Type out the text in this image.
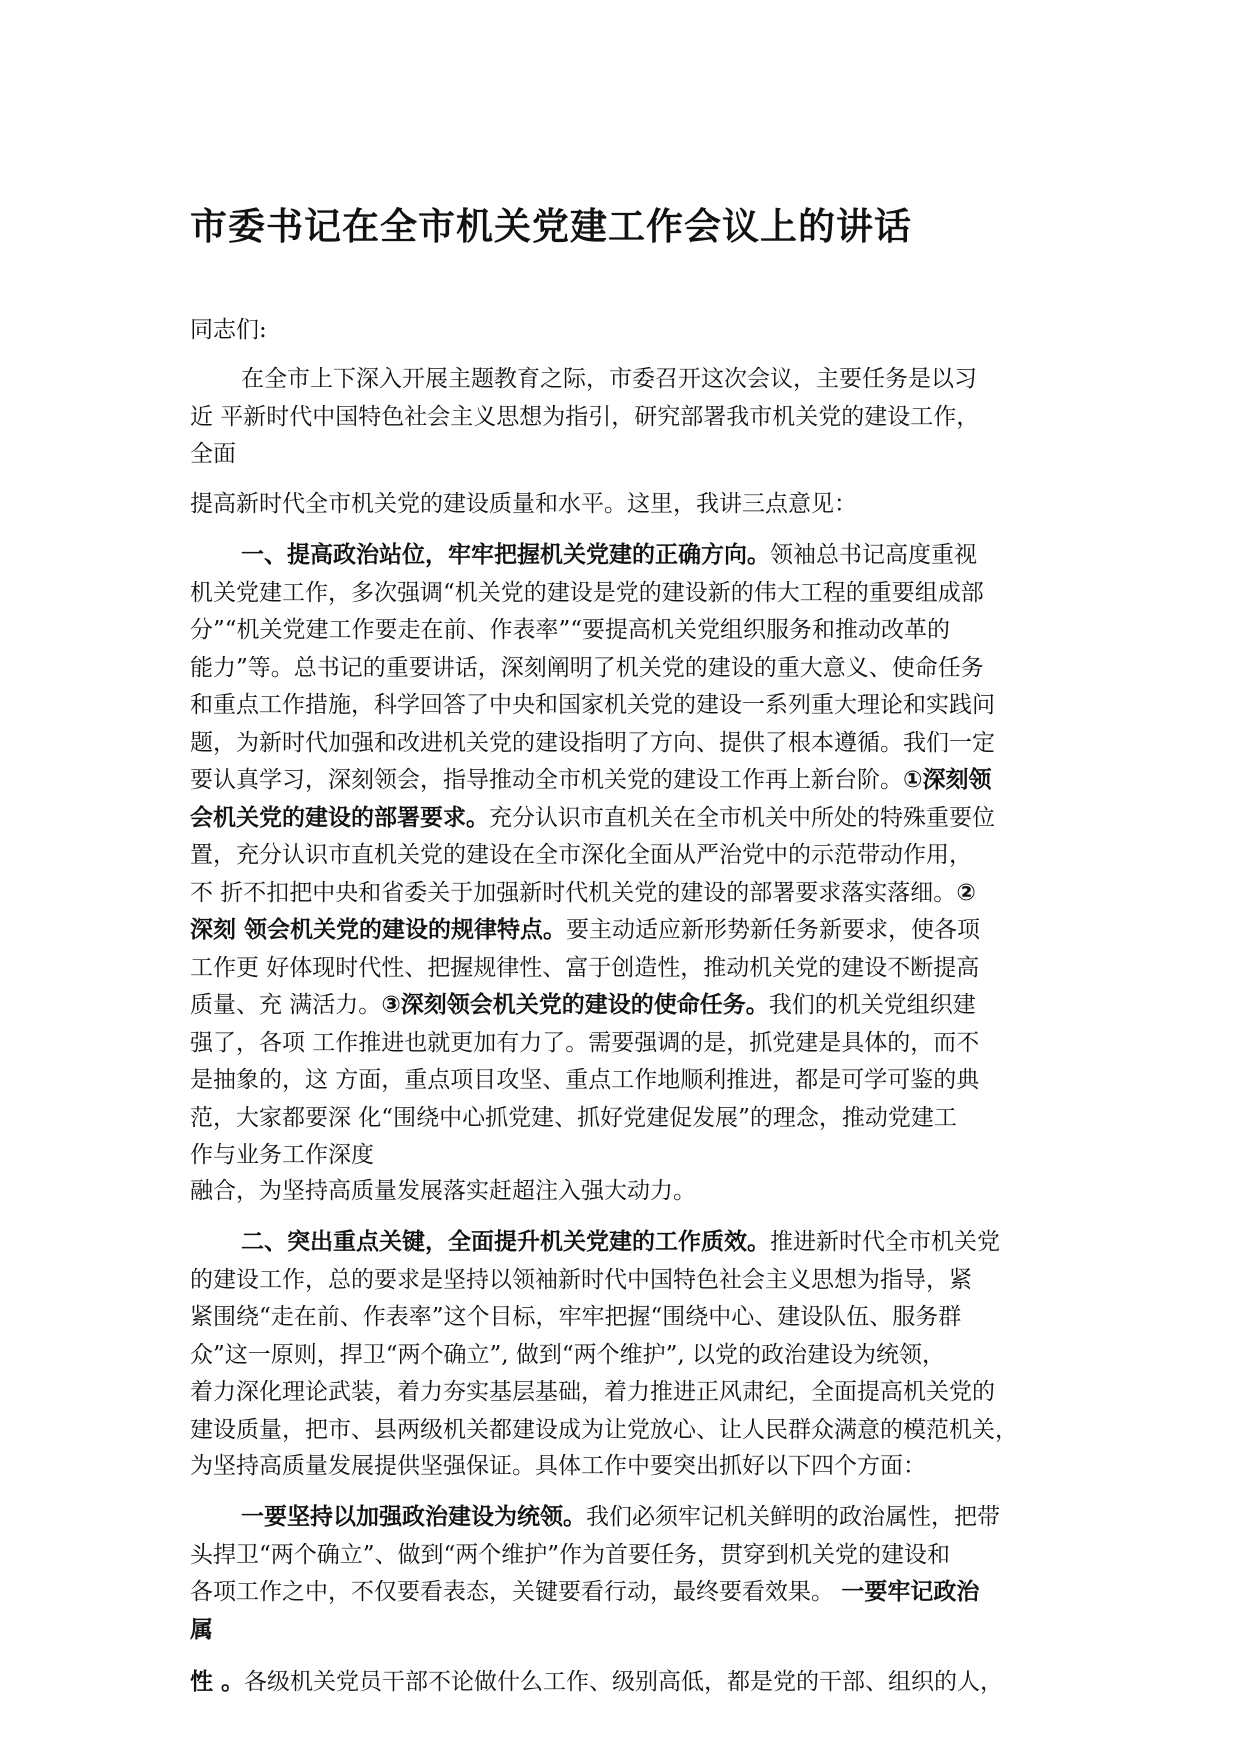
市委书记在全市机关党建工作会议上的讲话

同志们:

在全市上下深入开展主题教育之际，市委召开这次会议，主要任务是以习
近 平新时代中国特色社会主义思想为指引，研究部署我市机关党的建设工作，
全面

提高新时代全市机关党的建设质量和水平。这里，我讲三点意见：

一、提高政治站位，牢牢把握机关党建的正确方向。领袖总书记高度重视
机关党建工作，多次强调“机关党的建设是党的建设新的伟大工程的重要组成部
分”“机关党建工作要走在前、作表率”“要提高机关党组织服务和推动改革的
能力”等。总书记的重要讲话，深刻阐明了机关党的建设的重大意义、使命任务
和重点工作措施，科学回答了中央和国家机关党的建设一系列重大理论和实践问
题，为新时代加强和改进机关党的建设指明了方向、提供了根本遵循。我们一定
要认真学习，深刻领会，指导推动全市机关党的建设工作再上新台阶。①深刻领
会机关党的建设的部署要求。充分认识市直机关在全市机关中所处的特殊重要位
置，充分认识市直机关党的建设在全市深化全面从严治党中的示范带动作用，
不 折不扣把中央和省委关于加强新时代机关党的建设的部署要求落实落细。②
深刻 领会机关党的建设的规律特点。要主动适应新形势新任务新要求，使各项
工作更 好体现时代性、把握规律性、富于创造性，推动机关党的建设不断提高
质量、充 满活力。③深刻领会机关党的建设的使命任务。我们的机关党组织建
强了，各项 工作推进也就更加有力了。需要强调的是，抓党建是具体的，而不
是抽象的，这 方面，重点项目攻坚、重点工作地顺利推进，都是可学可鉴的典
范，大家都要深 化“围绕中心抓党建、抓好党建促发展”的理念，推动党建工
作与业务工作深度

融合，为坚持高质量发展落实赶超注入强大动力。

二、突出重点关键，全面提升机关党建的工作质效。推进新时代全市机关党
的建设工作，总的要求是坚持以领袖新时代中国特色社会主义思想为指导，紧
紧围绕“走在前、作表率”这个目标，牢牢把握“围绕中心、建设队伍、服务群
众”这一原则，捍卫“两个确立”, 做到“两个维护”, 以党的政治建设为统领，
着力深化理论武装，着力夯实基层基础，着力推进正风肃纪，全面提高机关党的
建设质量，把市、县两级机关都建设成为让党放心、让人民群众满意的模范机关，

为坚持高质量发展提供坚强保证。具体工作中要突出抓好以下四个方面：

一要坚持以加强政治建设为统领。我们必须牢记机关鲜明的政治属性，把带
头捍卫“两个确立”、做到“两个维护”作为首要任务，贯穿到机关党的建设和
各项工作之中，不仅要看表态，关键要看行动，最终要看效果。 一要牢记政治
属

性 。各级机关党员干部不论做什么工作、级别高低，都是党的干部、组织的人，
